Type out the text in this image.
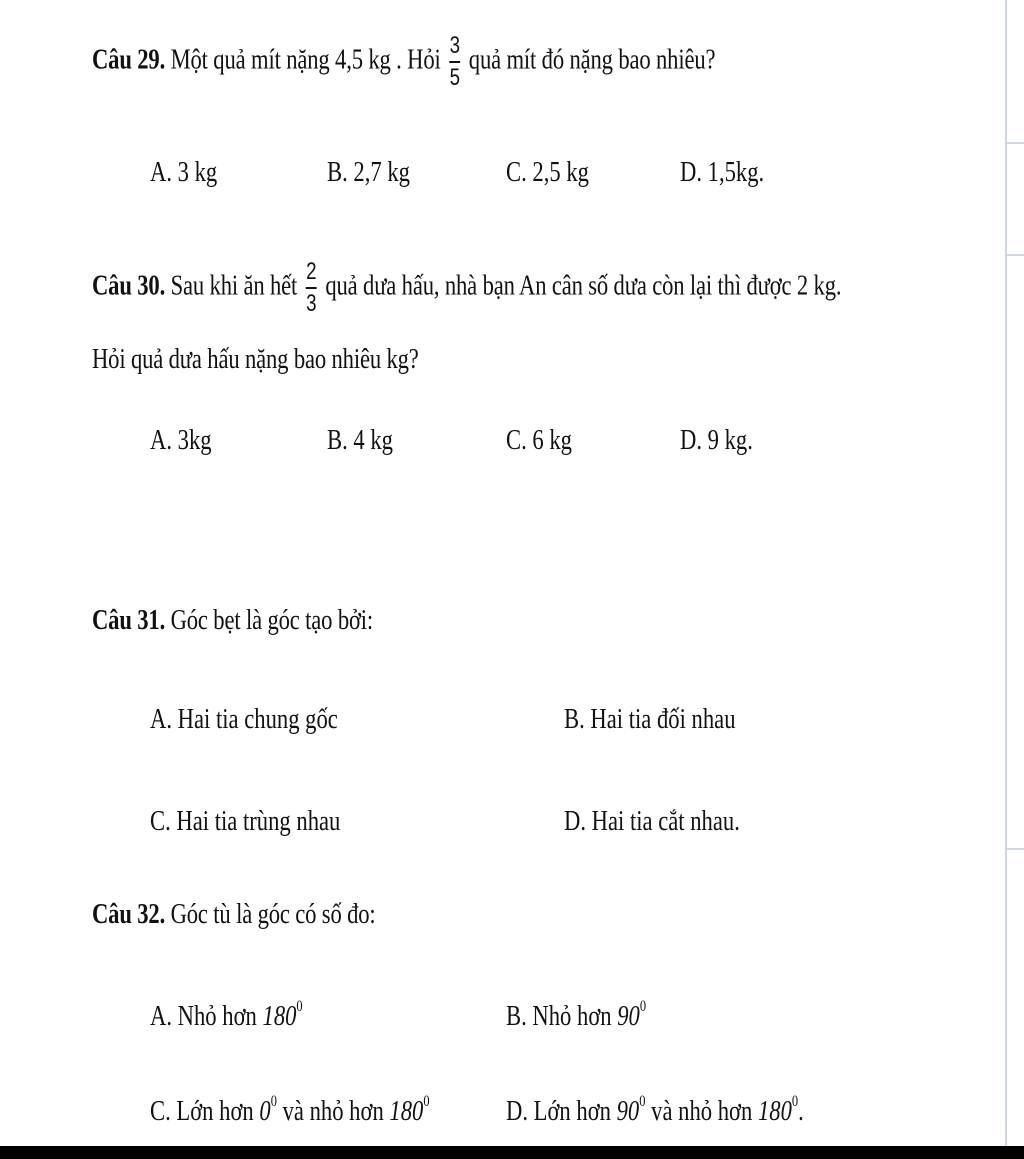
Câu 29. Một quả mít nặng 4,5 kg . Hỏi $\frac{3}{5}$ quả mít đó nặng bao nhiêu?
A. 3 kg	B. 2,7 kg	C. 2,5 kg	D. 1,5kg.
Câu 30. Sau khi ăn hết $\frac{2}{3}$ quả dưa hấu, nhà bạn An cân số dưa còn lại thì được 2 kg.
Hỏi quả dưa hấu nặng bao nhiêu kg?
A. 3kg	B. 4 kg	C. 6 kg	D. 9 kg.
Câu 31. Góc bẹt là góc tạo bởi:
A. Hai tia chung gốc	B. Hai tia đối nhau
C. Hai tia trùng nhau	D. Hai tia cắt nhau.
Câu 32. Góc tù là góc có số đo:
A. Nhỏ hơn $180^0$	B. Nhỏ hơn $90^0$
C. Lớn hơn $0^0$ và nhỏ hơn $180^0$	D. Lớn hơn $90^0$ và nhỏ hơn $180^0$.
